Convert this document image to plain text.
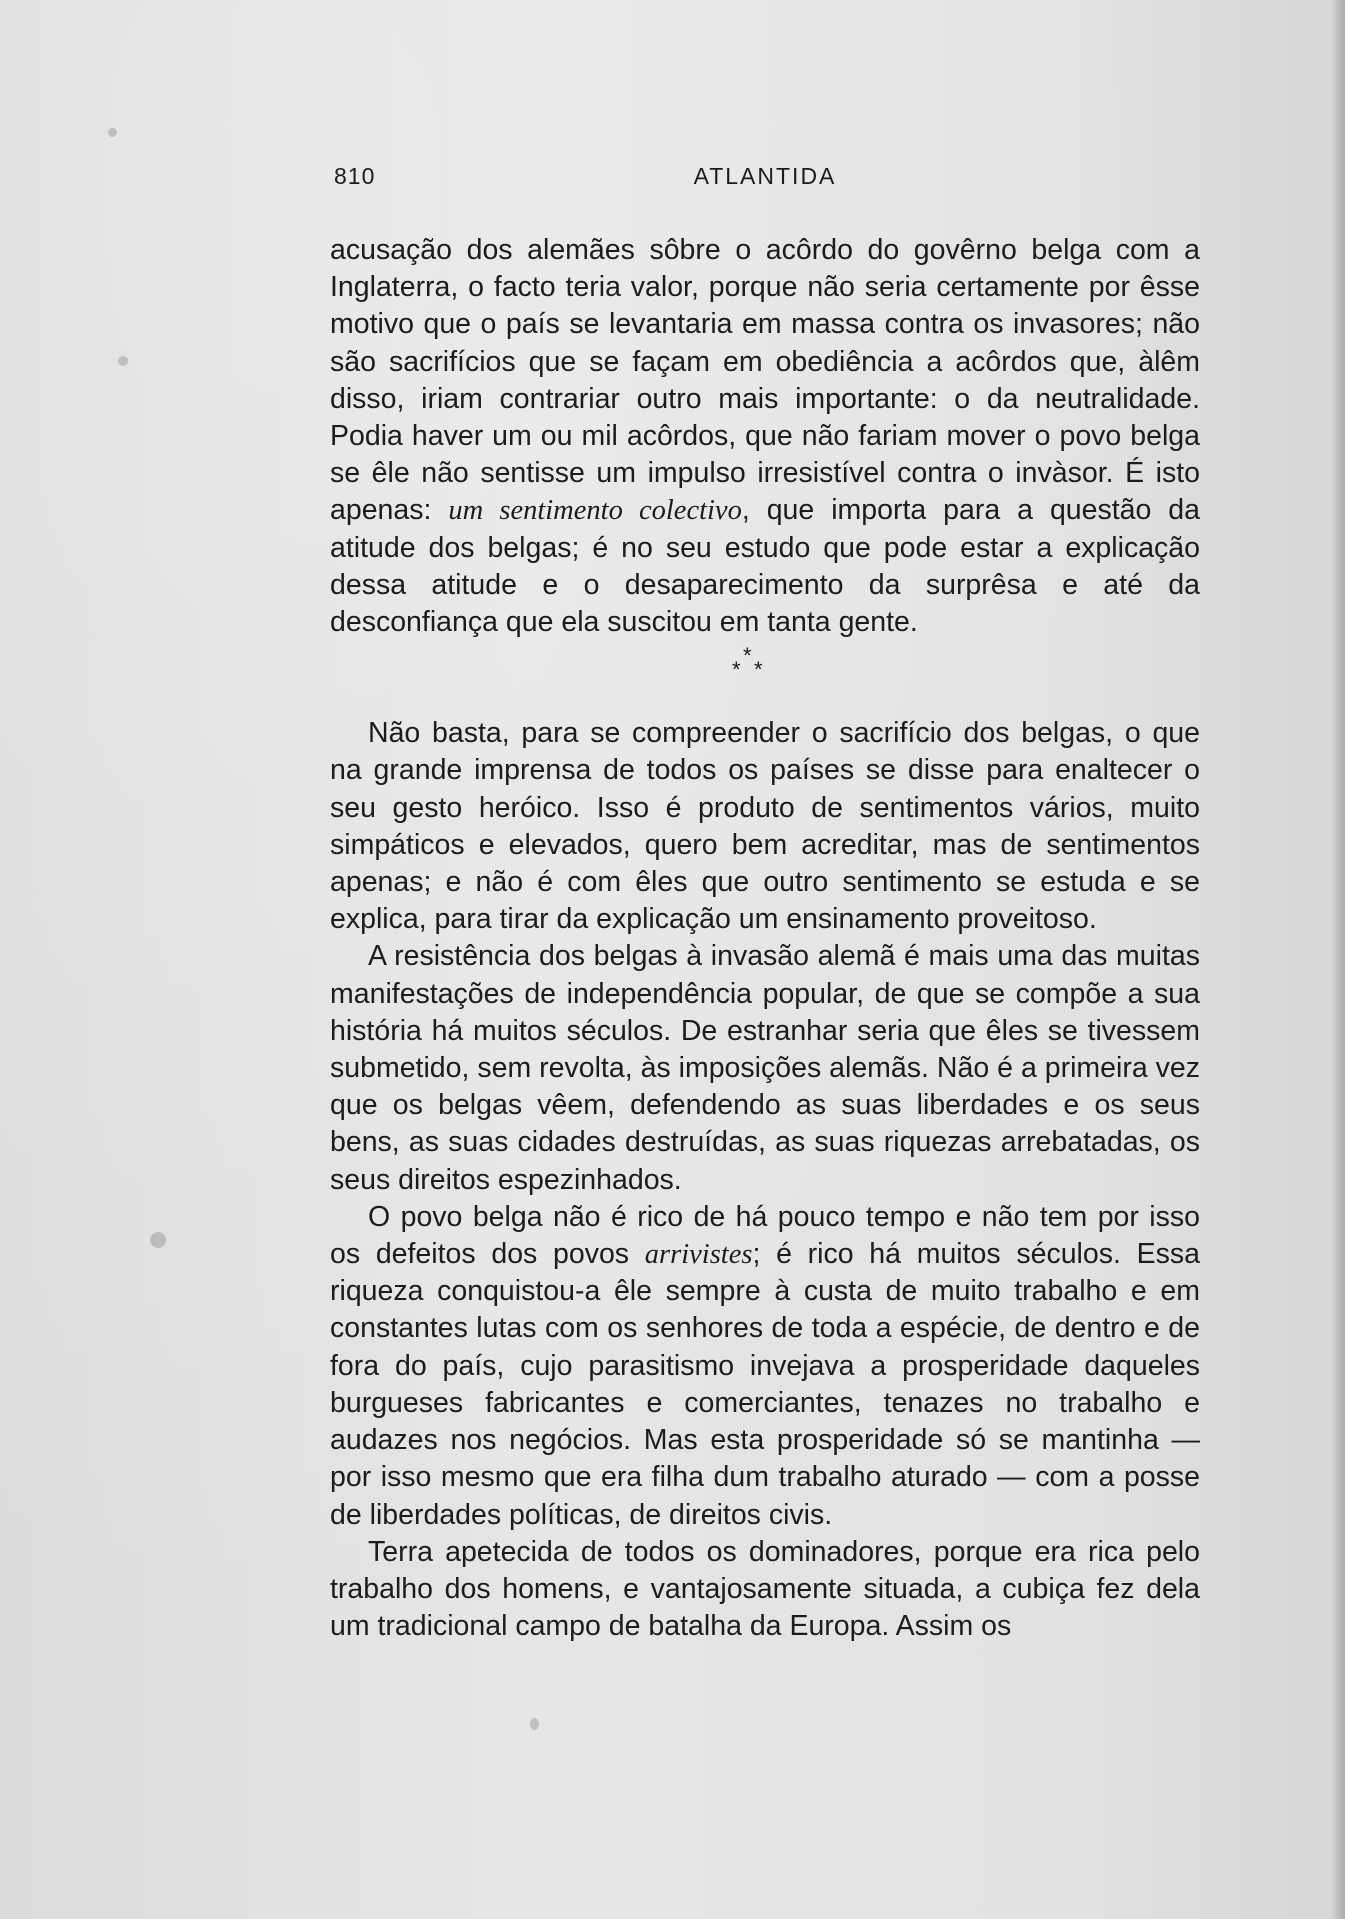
810	ATLANTIDA

acusação dos alemães sôbre o acôrdo do govêrno belga com a Inglaterra, o facto teria valor, porque não seria certamente por êsse motivo que o país se levantaria em massa contra os invasores; não são sacrifícios que se façam em obediência a acôrdos que, àlêm disso, iriam contrariar outro mais importante: o da neutralidade. Podia haver um ou mil acôrdos, que não fariam mover o povo belga se êle não sentisse um impulso irresistível contra o invàsor. É isto apenas: um sentimento colectivo, que importa para a questão da atitude dos belgas; é no seu estudo que pode estar a explicação dessa atitude e o desaparecimento da surprêsa e até da desconfiança que ela suscitou em tanta gente.

*
* *

Não basta, para se compreender o sacrifício dos belgas, o que na grande imprensa de todos os países se disse para enaltecer o seu gesto heróico. Isso é produto de sentimentos vários, muito simpáticos e elevados, quero bem acreditar, mas de sentimentos apenas; e não é com êles que outro sentimento se estuda e se explica, para tirar da explicação um ensinamento proveitoso.

A resistência dos belgas à invasão alemã é mais uma das muitas manifestações de independência popular, de que se compõe a sua história há muitos séculos. De estranhar seria que êles se tivessem submetido, sem revolta, às imposições alemãs. Não é a primeira vez que os belgas vêem, defendendo as suas liberdades e os seus bens, as suas cidades destruídas, as suas riquezas arrebatadas, os seus direitos espezinhados.

O povo belga não é rico de há pouco tempo e não tem por isso os defeitos dos povos arrivistes; é rico há muitos séculos. Essa riqueza conquistou-a êle sempre à custa de muito trabalho e em constantes lutas com os senhores de toda a espécie, de dentro e de fora do país, cujo parasitismo invejava a prosperidade daqueles burgueses fabricantes e comerciantes, tenazes no trabalho e audazes nos negócios. Mas esta prosperidade só se mantinha — por isso mesmo que era filha dum trabalho aturado — com a posse de liberdades políticas, de direitos civis.

Terra apetecida de todos os dominadores, porque era rica pelo trabalho dos homens, e vantajosamente situada, a cubiça fez dela um tradicional campo de batalha da Europa. Assim os
